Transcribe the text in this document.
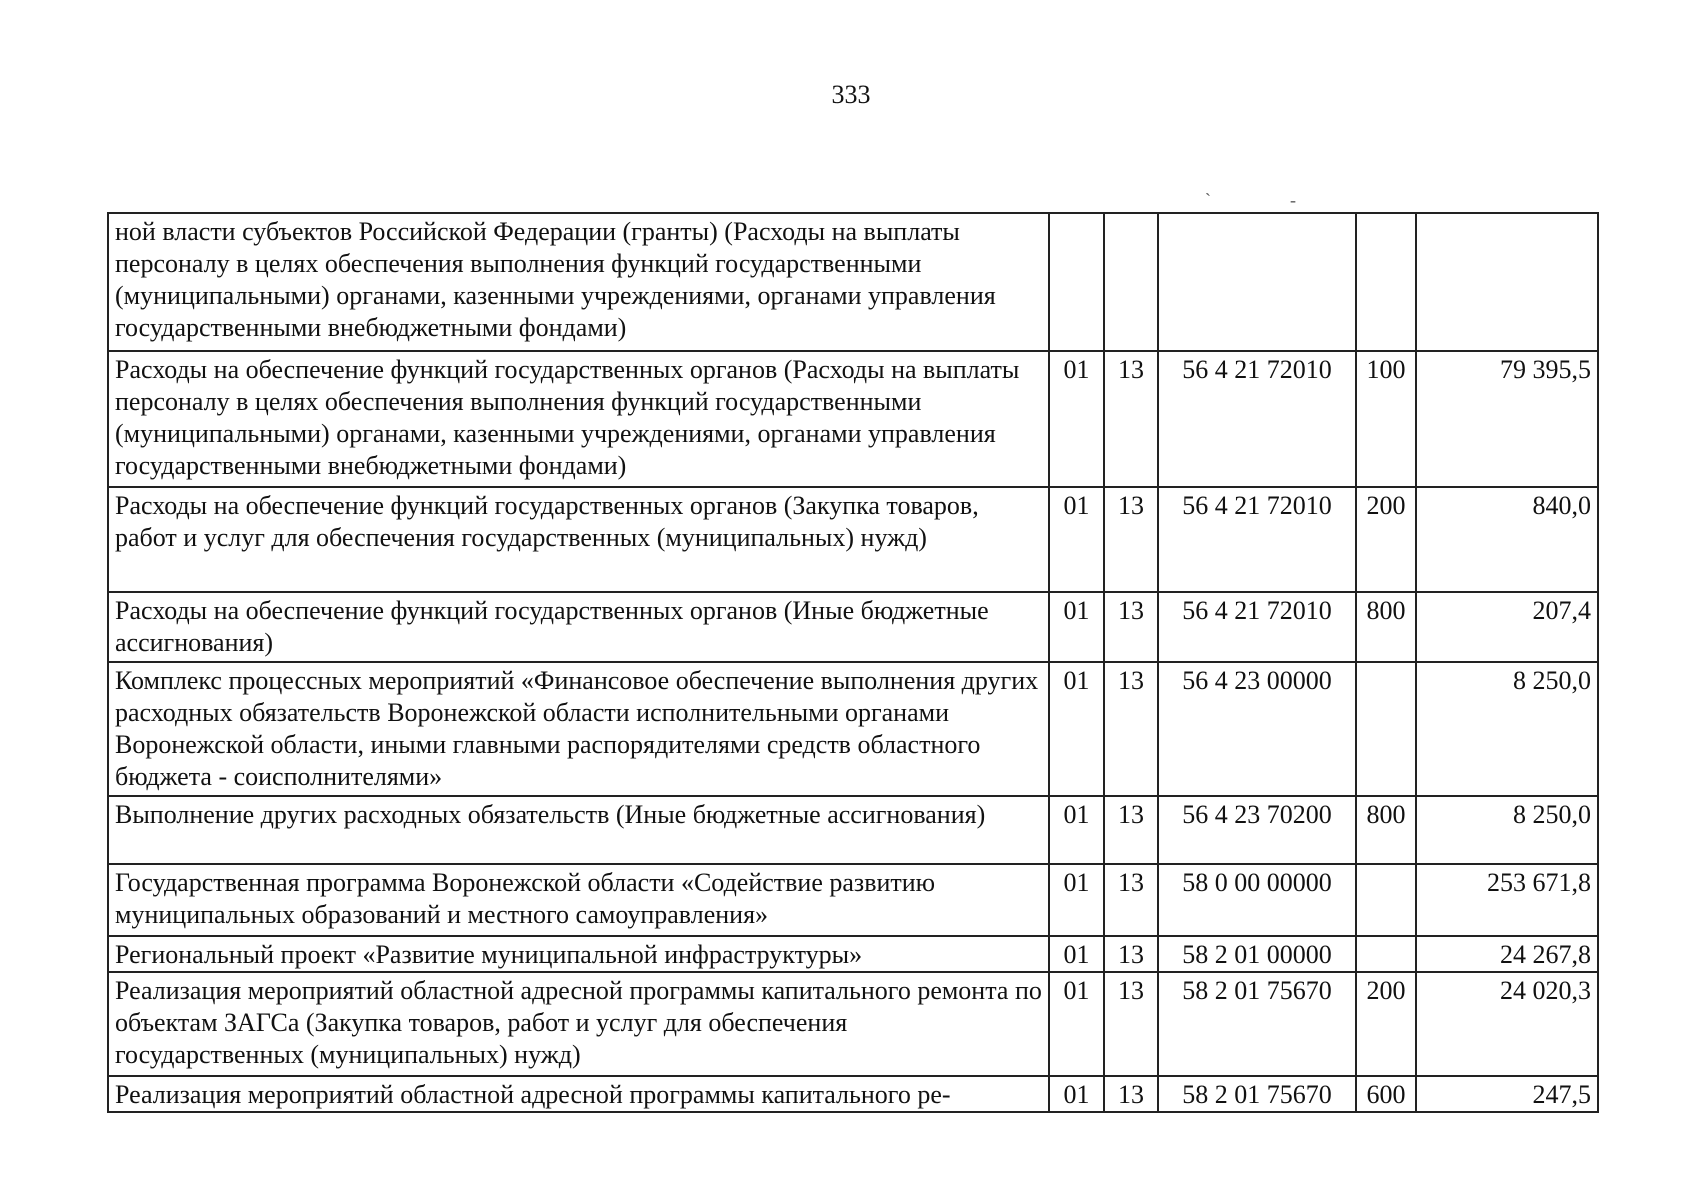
333
`	-
ной власти субъектов Российской Федерации (гранты) (Расходы на выплаты персоналу в целях обеспечения выполнения функций государственными (муниципальными) органами, казенными учреждениями, органами управления государственными внебюджетными фондами)					
Расходы на обеспечение функций государственных органов (Расходы на выплаты персоналу в целях обеспечения выполнения функций государственными (муниципальными) органами, казенными учреждениями, органами управления государственными внебюджетными фондами)	01	13	56 4 21 72010	100	79 395,5
Расходы на обеспечение функций государственных органов (Закупка товаров, работ и услуг для обеспечения государственных (муниципальных) нужд)	01	13	56 4 21 72010	200	840,0
Расходы на обеспечение функций государственных органов (Иные бюджетные ассигнования)	01	13	56 4 21 72010	800	207,4
Комплекс процессных мероприятий «Финансовое обеспечение выполнения других расходных обязательств Воронежской области исполнительными органами Воронежской области, иными главными распорядителями средств областного бюджета - соисполнителями»	01	13	56 4 23 00000		8 250,0
Выполнение других расходных обязательств (Иные бюджетные ассигнования)	01	13	56 4 23 70200	800	8 250,0
Государственная программа Воронежской области «Содействие развитию муниципальных образований и местного самоуправления»	01	13	58 0 00 00000		253 671,8
Региональный проект «Развитие муниципальной инфраструктуры»	01	13	58 2 01 00000		24 267,8
Реализация мероприятий областной адресной программы капитального ремонта по объектам ЗАГСа (Закупка товаров, работ и услуг для обеспечения государственных (муниципальных) нужд)	01	13	58 2 01 75670	200	24 020,3
Реализация мероприятий областной адресной программы капитального ре-	01	13	58 2 01 75670	600	247,5
